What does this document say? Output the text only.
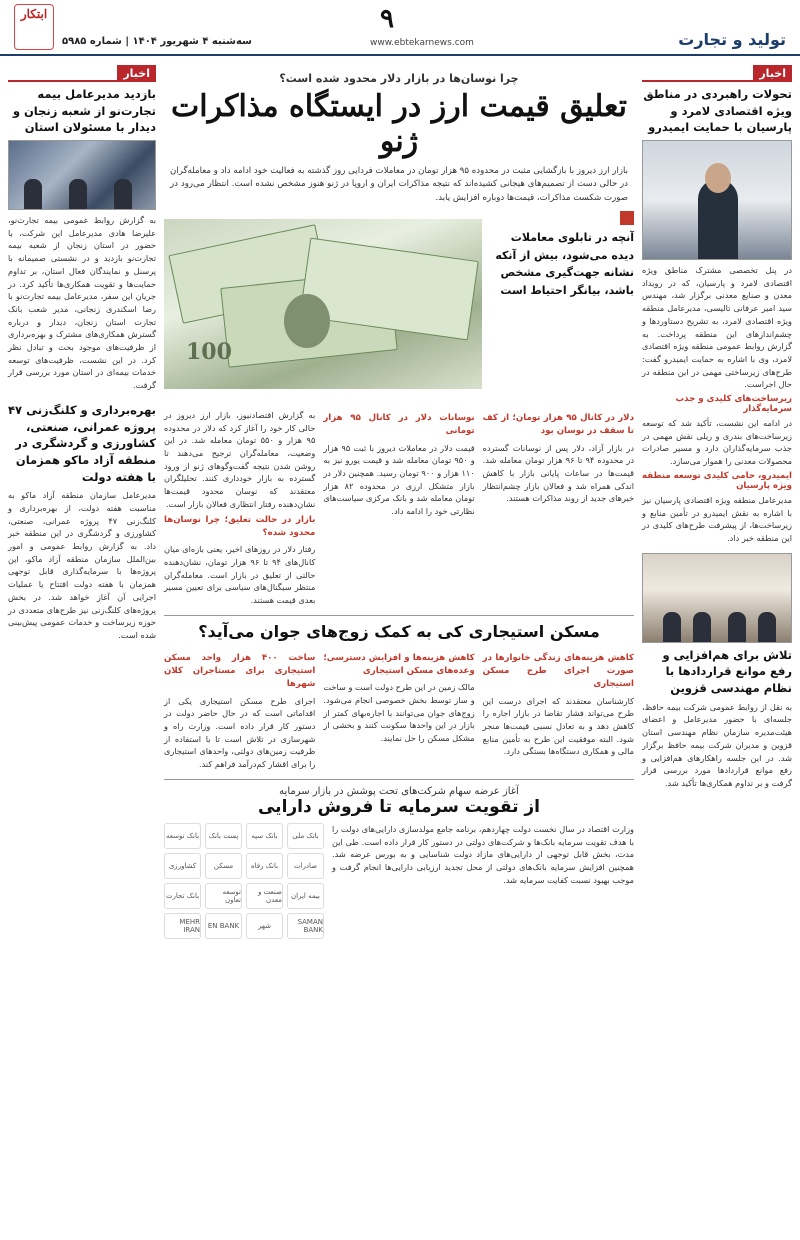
ابتکار
سه‌شنبه ۴ شهریور ۱۴۰۴ | شماره ۵۹۸۵
۹
www.ebtekarnews.com	تولید و تجارت
اخبار
تحولات راهبردی در مناطق ویژه اقتصادی لامرد و پارسیان با حمایت ایمیدرو
در پنل تخصصی مشترک مناطق ویژه اقتصادی لامرد و پارسیان، که در رویداد معدن و صنایع معدنی برگزار شد، مهندس سید امیر عرفانی تالیسی، مدیرعامل منطقه ویژه اقتصادی لامرد، به تشریح دستاوردها و چشم‌اندازهای این منطقه پرداخت. به گزارش روابط عمومی منطقه ویژه اقتصادی لامرد، وی با اشاره به حمایت ایمیدرو گفت: طرح‌های زیرساختی مهمی در این منطقه در حال اجراست.
زیرساخت‌های کلیدی و جذب سرمایه‌گذار
در ادامه این نشست، تأکید شد که توسعه زیرساخت‌های بندری و ریلی نقش مهمی در جذب سرمایه‌گذاران دارد و مسیر صادرات محصولات معدنی را هموار می‌سازد.
ایمیدرو، حامی کلیدی توسعه منطقه ویژه پارسیان
مدیرعامل منطقه ویژه اقتصادی پارسیان نیز با اشاره به نقش ایمیدرو در تأمین منابع و زیرساخت‌ها، از پیشرفت طرح‌های کلیدی در این منطقه خبر داد.
تلاش برای هم‌افزایی و رفع موانع قراردادها با نظام مهندسی قزوین
به نقل از روابط عمومی شرکت بیمه حافظ، جلسه‌ای با حضور مدیرعامل و اعضای هیئت‌مدیره سازمان نظام مهندسی استان قزوین و مدیران شرکت بیمه حافظ برگزار شد. در این جلسه راهکارهای هم‌افزایی و رفع موانع قراردادها مورد بررسی قرار گرفت و بر تداوم همکاری‌ها تأکید شد.
اخبار
بازدید مدیرعامل بیمه تجارت‌نو از شعبه زنجان و دیدار با مسئولان استان
به گزارش روابط عمومی بیمه تجارت‌نو، علیرضا هادی مدیرعامل این شرکت، با حضور در استان زنجان از شعبه بیمه تجارت‌نو بازدید و در نشستی صمیمانه با پرسنل و نمایندگان فعال استان، بر تداوم حمایت‌ها و تقویت همکاری‌ها تأکید کرد. در جریان این سفر، مدیرعامل بیمه تجارت‌نو با رضا اسکندری زنجانی، مدیر شعب بانک تجارت استان زنجان، دیدار و درباره گسترش همکاری‌های مشترک و بهره‌برداری از ظرفیت‌های موجود بحث و تبادل نظر کرد. در این نشست، ظرفیت‌های توسعه خدمات بیمه‌ای در استان مورد بررسی قرار گرفت.
بهره‌برداری و کلنگ‌زنی ۴۷ پروژه عمرانی، صنعتی، کشاورزی و گردشگری در منطقه آزاد ماکو همزمان با هفته دولت
مدیرعامل سازمان منطقه آزاد ماکو به مناسبت هفته دولت، از بهره‌برداری و کلنگ‌زنی ۴۷ پروژه عمرانی، صنعتی، کشاورزی و گردشگری در این منطقه خبر داد. به گزارش روابط عمومی و امور بین‌الملل سازمان منطقه آزاد ماکو، این پروژه‌ها با سرمایه‌گذاری قابل توجهی همزمان با هفته دولت افتتاح یا عملیات اجرایی آن آغاز خواهد شد. در بخش پروژه‌های کلنگ‌زنی نیز طرح‌های متعددی در حوزه زیرساخت و خدمات عمومی پیش‌بینی شده است.
چرا نوسان‌ها در بازار دلار محدود شده است؟
تعلیق قیمت ارز در ایستگاه مذاکرات ژنو
بازار ارز دیروز با بازگشایی مثبت در محدوده ۹۵ هزار تومان در معاملات فردایی روز گذشته به فعالیت خود ادامه داد و معامله‌گران در حالی دست از تصمیم‌های هیجانی کشیده‌اند که نتیجه مذاکرات ایران و اروپا در ژنو هنوز مشخص نشده است. انتظار می‌رود در صورت شکست مذاکرات، قیمت‌ها دوباره افزایش یابد.
100
آنچه در تابلوی معاملات دیده می‌شود، بیش از آنکه نشانه جهت‌گیری مشخص باشد، بیانگر احتیاط است
دلار در کانال ۹۵ هزار تومان؛ از کف تا سقف در نوسان بود
در بازار آزاد، دلار پس از نوسانات گسترده در محدوده ۹۴ تا ۹۶ هزار تومان معامله شد. قیمت‌ها در ساعات پایانی بازار با کاهش اندکی همراه شد و فعالان بازار چشم‌انتظار خبرهای جدید از روند مذاکرات هستند.
نوسانات دلار در کانال ۹۵ هزار تومانی
قیمت دلار در معاملات دیروز با ثبت ۹۵ هزار و ۹۵۰ تومان معامله شد و قیمت یورو نیز به ۱۱۰ هزار و ۹۰۰ تومان رسید. همچنین دلار در بازار متشکل ارزی در محدوده ۸۲ هزار تومان معامله شد و بانک مرکزی سیاست‌های نظارتی خود را ادامه داد.
به گزارش اقتصادنیوز، بازار ارز دیروز در حالی کار خود را آغاز کرد که دلار در محدوده ۹۵ هزار و ۵۵۰ تومان معامله شد. در این وضعیت، معامله‌گران ترجیح می‌دهند تا روشن شدن نتیجه گفت‌وگوهای ژنو از ورود گسترده به بازار خودداری کنند. تحلیلگران معتقدند که نوسان محدود قیمت‌ها نشان‌دهنده رفتار انتظاری فعالان بازار است.
بازار در حالت تعلیق؛ چرا نوسان‌ها محدود شده؟
رفتار دلار در روزهای اخیر، یعنی بازه‌ای میان کانال‌های ۹۴ تا ۹۶ هزار تومان، نشان‌دهنده حالتی از تعلیق در بازار است. معامله‌گران منتظر سیگنال‌های سیاسی برای تعیین مسیر بعدی قیمت هستند.
مسکن استیجاری کی به کمک زوج‌های جوان می‌آید؟
کاهش هزینه‌های زندگی خانوارها در صورت اجرای طرح مسکن استیجاری
کارشناسان معتقدند که اجرای درست این طرح می‌تواند فشار تقاضا در بازار اجاره را کاهش دهد و به تعادل نسبی قیمت‌ها منجر شود. البته موفقیت این طرح به تأمین منابع مالی و همکاری دستگاه‌ها بستگی دارد.
کاهش هزینه‌ها و افزایش دسترسی؛ وعده‌های مسکن استیجاری
مالک زمین در این طرح دولت است و ساخت و ساز توسط بخش خصوصی انجام می‌شود. زوج‌های جوان می‌توانند با اجاره‌بهای کمتر از بازار در این واحدها سکونت کنند و بخشی از مشکل مسکن را حل نمایند.
ساخت ۴۰۰ هزار واحد مسکن استیجاری برای مستاجران کلان شهرها
اجرای طرح مسکن استیجاری یکی از اقداماتی است که در حال حاضر دولت در دستور کار قرار داده است. وزارت راه و شهرسازی در تلاش است تا با استفاده از ظرفیت زمین‌های دولتی، واحدهای استیجاری را برای اقشار کم‌درآمد فراهم کند.
آغاز عرضه سهام شرکت‌های تحت پوشش در بازار سرمایه
از تقویت سرمایه تا فروش دارایی
وزارت اقتصاد در سال نخست دولت چهاردهم، برنامه جامع مولدسازی دارایی‌های دولت را با هدف تقویت سرمایه بانک‌ها و شرکت‌های دولتی در دستور کار قرار داده است. طی این مدت، بخش قابل توجهی از دارایی‌های مازاد دولت شناسایی و به بورس عرضه شد. همچنین افزایش سرمایه بانک‌های دولتی از محل تجدید ارزیابی دارایی‌ها انجام گرفت و موجب بهبود نسبت کفایت سرمایه شد.
بانک ملی
بانک سپه
پست بانک
بانک توسعه
صادرات
بانک رفاه
مسکن
کشاورزی
بیمه ایران
صنعت و معدن
توسعه تعاون
بانک تجارت
SAMAN BANK
شهر
EN BANK
MEHR IRAN
